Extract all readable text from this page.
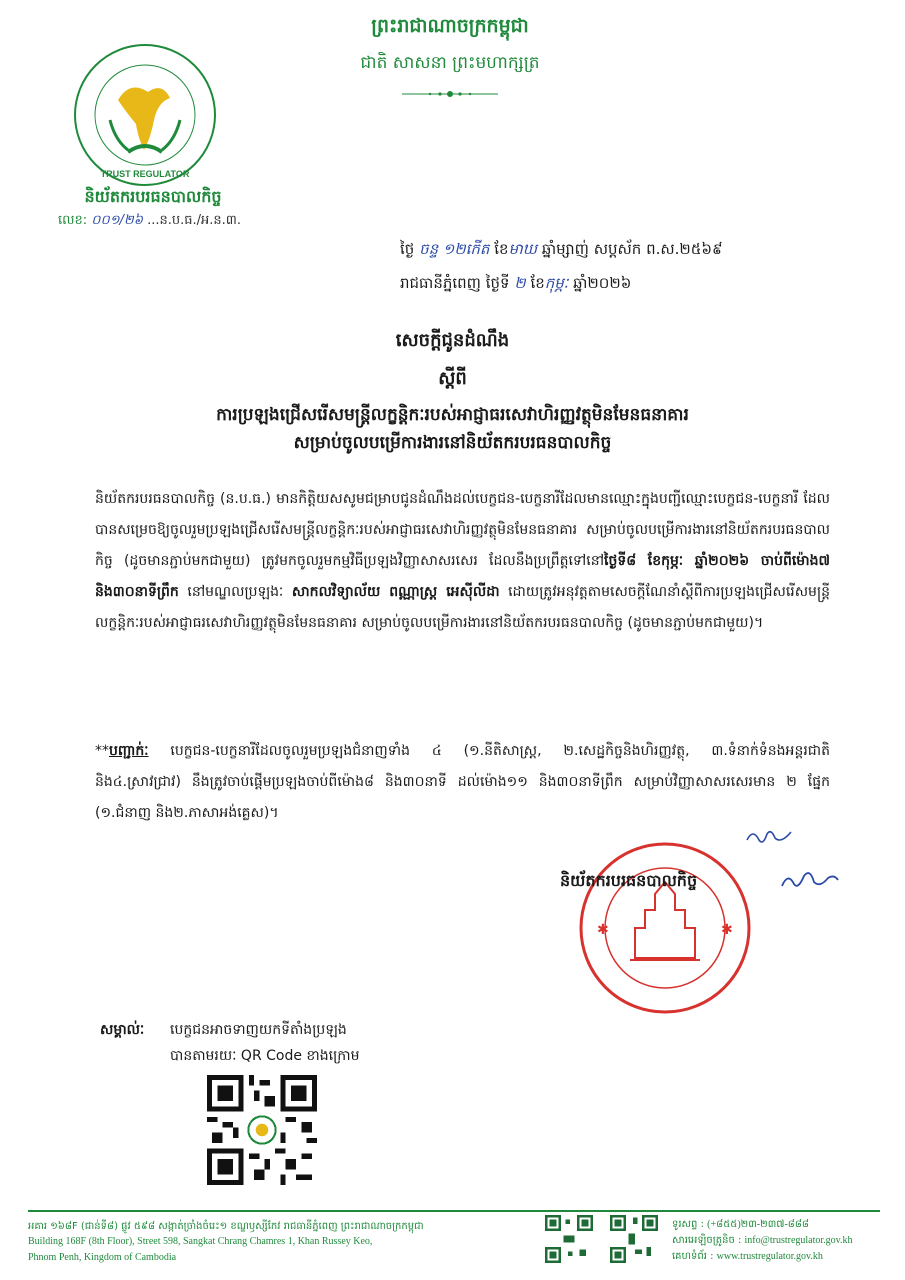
ព្រះរាជាណាចក្រកម្ពុជា
ជាតិ សាសនា ព្រះមហាក្សត្រ
TRUST REGULATOR
និយ័តករបរធនបាលកិច្ច
លេខ: ០០១/២៦ ...ន.ប.ធ./អ.ន.៣.
ថ្ងៃ ចន្ទ ១២កើត ខែមាឃ ឆ្នាំម្សាញ់ សប្តស័ក ព.ស.២៥៦៩
រាជធានីភ្នំពេញ ថ្ងៃទី ២ ខែកុម្ភៈ ឆ្នាំ២០២៦
សេចក្តីជូនដំណឹង
ស្តីពី
ការប្រឡងជ្រើសរើសមន្ត្រីលក្ខន្តិកៈរបស់អាជ្ញាធរសេវាហិរញ្ញវត្ថុមិនមែនធនាគារ
សម្រាប់ចូលបម្រើការងារនៅនិយ័តករបរធនបាលកិច្ច
និយ័តករបរធនបាលកិច្ច (ន.ប.ធ.) មានកិត្តិយសសូមជម្រាបជូនដំណឹងដល់បេក្ខជន-បេក្ខនារីដែលមានឈ្មោះក្នុងបញ្ជីឈ្មោះបេក្ខជន-បេក្ខនារី ដែលបានសម្រេចឱ្យចូលរួមប្រឡងជ្រើសរើសមន្ត្រីលក្ខន្តិកៈរបស់អាជ្ញាធរសេវាហិរញ្ញវត្ថុមិនមែនធនាគារ សម្រាប់ចូលបម្រើការងារនៅនិយ័តករបរធនបាលកិច្ច (ដូចមានភ្ជាប់មកជាមួយ) ត្រូវមកចូលរួមកម្មវិធីប្រឡងវិញ្ញាសាសរសេរ ដែលនឹងប្រព្រឹត្តទៅនៅថ្ងៃទី៨ ខែកុម្ភៈ ឆ្នាំ២០២៦ ចាប់ពីម៉ោង៧ និង៣០នាទីព្រឹក នៅមណ្ឌលប្រឡងៈ សាកលវិទ្យាល័យ ពណ្ណាស្ត្រ អេស៊ីលីដា ដោយត្រូវអនុវត្តតាមសេចក្តីណែនាំស្តីពីការប្រឡងជ្រើសរើសមន្ត្រីលក្ខន្តិកៈរបស់អាជ្ញាធរសេវាហិរញ្ញវត្ថុមិនមែនធនាគារ សម្រាប់ចូលបម្រើការងារនៅនិយ័តករបរធនបាលកិច្ច (ដូចមានភ្ជាប់មកជាមួយ)។
**បញ្ជាក់ៈ បេក្ខជន-បេក្ខនារីដែលចូលរួមប្រឡងជំនាញទាំង ៤ (១.នីតិសាស្ត្រ, ២.សេដ្ឋកិច្ចនិងហិរញ្ញវត្ថុ, ៣.ទំនាក់ទំនងអន្តរជាតិ និង៤.ស្រាវជ្រាវ) នឹងត្រូវចាប់ផ្តើមប្រឡងចាប់ពីម៉ោង៨ និង៣០នាទី ដល់ម៉ោង១១ និង៣០នាទីព្រឹក សម្រាប់វិញ្ញាសាសរសេរមាន ២ ផ្នែក (១.ជំនាញ និង២.ភាសាអង់គ្លេស)។
✱	✱
និយ័តករបរធនបាលកិច្ច
សម្គាល់ៈ បេក្ខជនអាចទាញយកទីតាំងប្រឡង
បានតាមរយៈ QR Code ខាងក្រោម
អគារ ១៦៨F (ជាន់ទី៨) ផ្លូវ ៥៩៨ សង្កាត់ច្រាំងចំរេះ១ ខណ្ឌឫស្សីកែវ រាជធានីភ្នំពេញ ព្រះរាជាណាចក្រកម្ពុជា
Building 168F (8th Floor), Street 598, Sangkat Chrang Chamres 1, Khan Russey Keo,
Phnom Penh, Kingdom of Cambodia
ទូរសព្ទ : (+៨៥៥)២៣-២៣៧-៨៨៨
សារអេឡិចត្រូនិច : info@trustregulator.gov.kh
គេហទំព័រ : www.trustregulator.gov.kh
